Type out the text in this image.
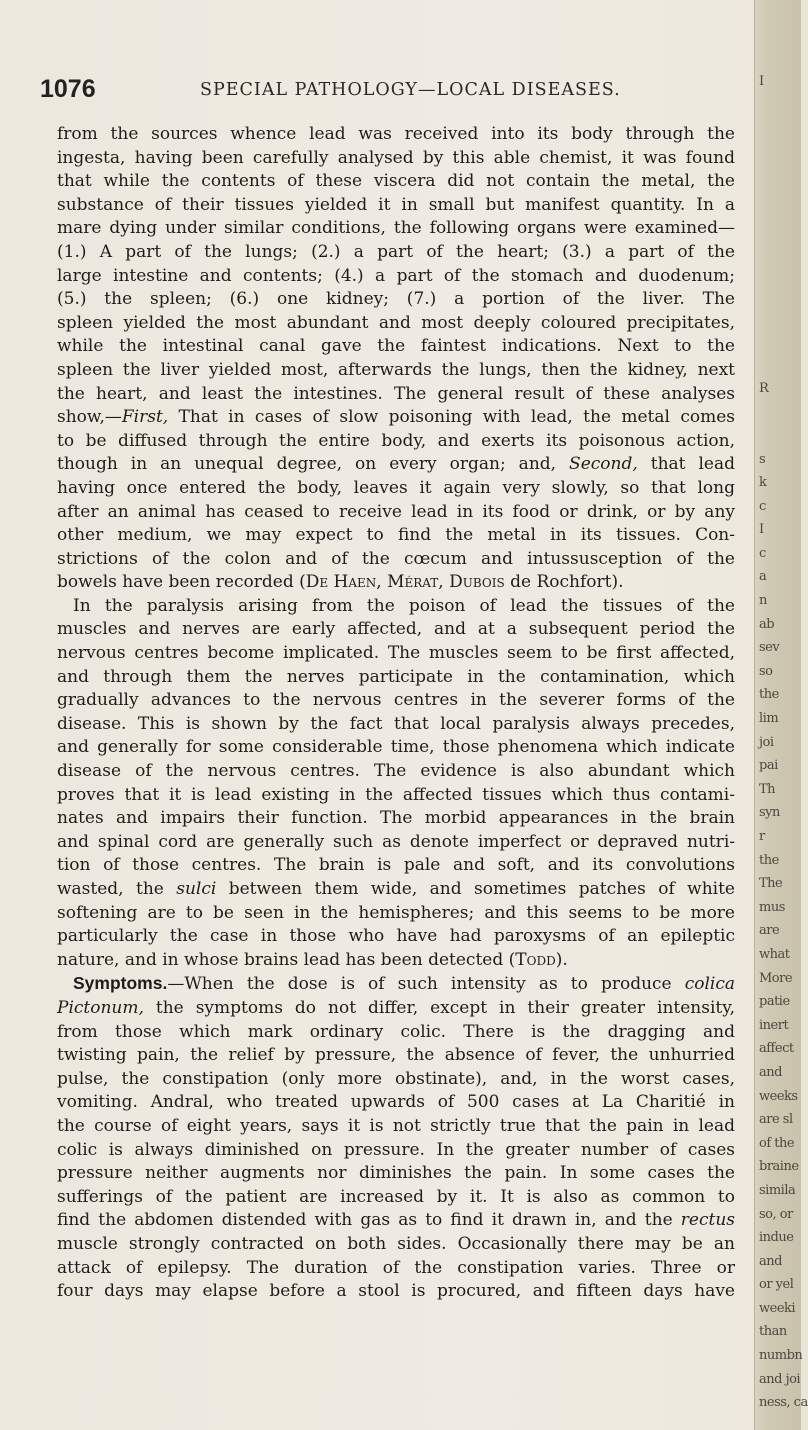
1076	SPECIAL PATHOLOGY—LOCAL DISEASES.
from the sources whence lead was received into its body through the
ingesta, having been carefully analysed by this able chemist, it was found
that while the contents of these viscera did not contain the metal, the
substance of their tissues yielded it in small but manifest quantity. In a
mare dying under similar conditions, the following organs were examined—
(1.) A part of the lungs; (2.) a part of the heart; (3.) a part of the
large intestine and contents; (4.) a part of the stomach and duodenum;
(5.) the spleen; (6.) one kidney; (7.) a portion of the liver. The
spleen yielded the most abundant and most deeply coloured precipitates,
while the intestinal canal gave the faintest indications. Next to the
spleen the liver yielded most, afterwards the lungs, then the kidney, next
the heart, and least the intestines. The general result of these analyses
show,—First, That in cases of slow poisoning with lead, the metal comes
to be diffused through the entire body, and exerts its poisonous action,
though in an unequal degree, on every organ; and, Second, that lead
having once entered the body, leaves it again very slowly, so that long
after an animal has ceased to receive lead in its food or drink, or by any
other medium, we may expect to find the metal in its tissues. Con-
strictions of the colon and of the cœcum and intussusception of the
bowels have been recorded (De Haen, Mérat, Dubois de Rochfort).
In the paralysis arising from the poison of lead the tissues of the
muscles and nerves are early affected, and at a subsequent period the
nervous centres become implicated. The muscles seem to be first affected,
and through them the nerves participate in the contamination, which
gradually advances to the nervous centres in the severer forms of the
disease. This is shown by the fact that local paralysis always precedes,
and generally for some considerable time, those phenomena which indicate
disease of the nervous centres. The evidence is also abundant which
proves that it is lead existing in the affected tissues which thus contami-
nates and impairs their function. The morbid appearances in the brain
and spinal cord are generally such as denote imperfect or depraved nutri-
tion of those centres. The brain is pale and soft, and its convolutions
wasted, the sulci between them wide, and sometimes patches of white
softening are to be seen in the hemispheres; and this seems to be more
particularly the case in those who have had paroxysms of an epileptic
nature, and in whose brains lead has been detected (Todd).
Symptoms.—When the dose is of such intensity as to produce colica
Pictonum, the symptoms do not differ, except in their greater intensity,
from those which mark ordinary colic. There is the dragging and
twisting pain, the relief by pressure, the absence of fever, the unhurried
pulse, the constipation (only more obstinate), and, in the worst cases,
vomiting. Andral, who treated upwards of 500 cases at La Charitié in
the course of eight years, says it is not strictly true that the pain in lead
colic is always diminished on pressure. In the greater number of cases
pressure neither augments nor diminishes the pain. In some cases the
sufferings of the patient are increased by it. It is also as common to
find the abdomen distended with gas as to find it drawn in, and the rectus
muscle strongly contracted on both sides. Occasionally there may be an
attack of epilepsy. The duration of the constipation varies. Three or
four days may elapse before a stool is procured, and fifteen days have
I

R

s
k
c
I
c
a
n
ab
sev
so
the
lim
joi
pai
Th
syn
r
the
The
mus
are
what
More
patie
inert
affect
and
weeks
are sl
of the
braine
simila
so, or
indue
and
or yel
weeki
than
numbn
and joi
ness, ca
